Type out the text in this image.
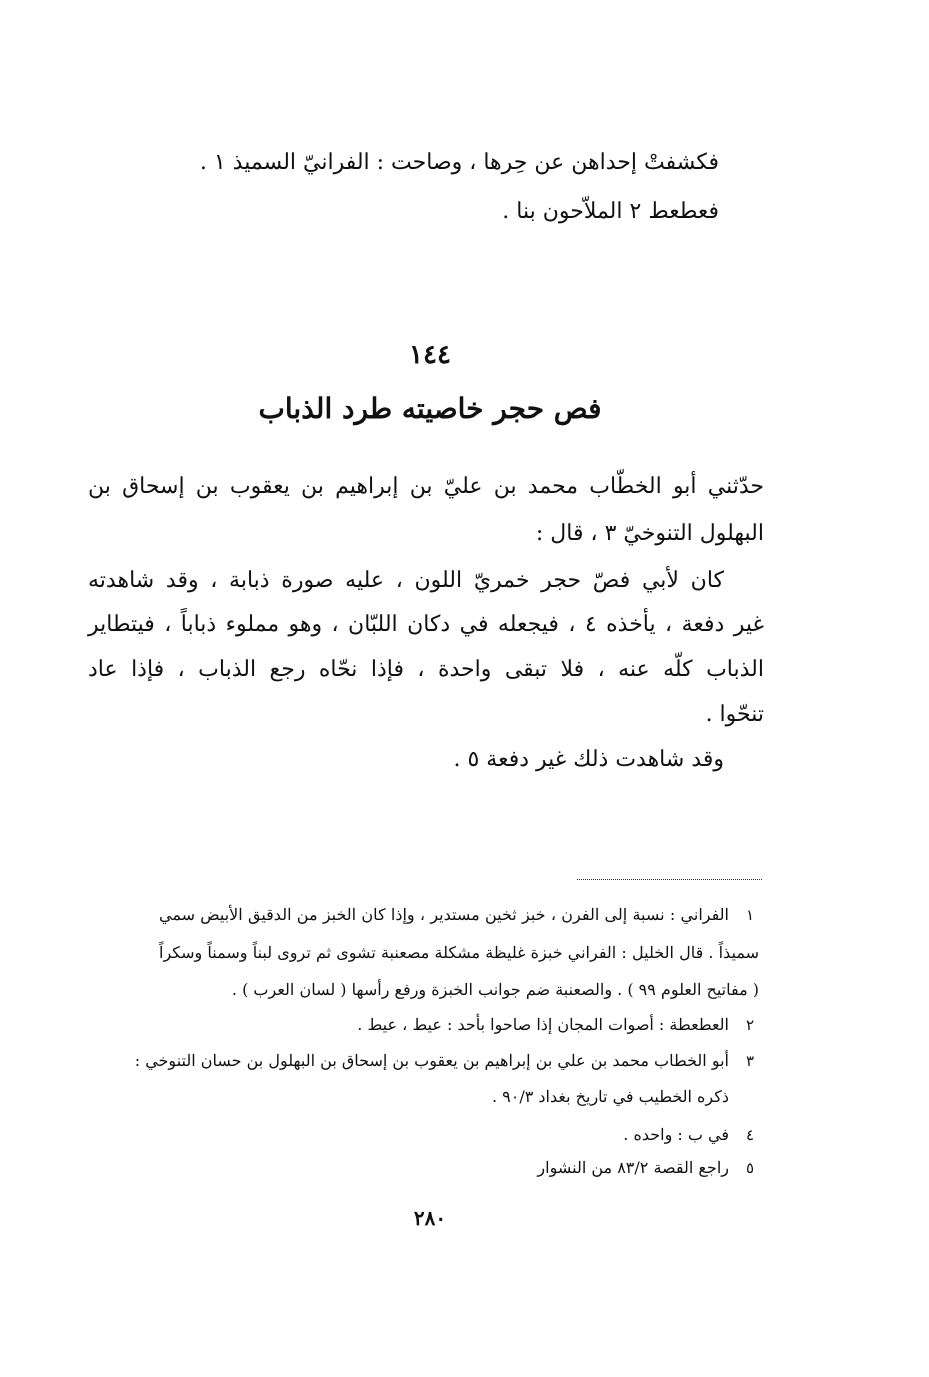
فكشفتْ إحداهن عن حِرها ، وصاحت : الفرانيّ السميذ ١ .
فعطعط ٢ الملاّحون بنا .
١٤٤
فص حجر خاصيته طرد الذباب
حدّثني أبو الخطّاب محمد بن عليّ بن إبراهيم بن يعقوب بن إسحاق بن
البهلول التنوخيّ ٣ ، قال :
كان لأبي فصّ حجر خمريّ اللون ، عليه صورة ذبابة ، وقد شاهدته
غير دفعة ، يأخذه ٤ ، فيجعله في دكان اللبّان ، وهو مملوء ذباباً ، فيتطاير
الذباب كلّه عنه ، فلا تبقى واحدة ، فإذا نحّاه رجع الذباب ، فإذا عاد
تنحّوا .
وقد شاهدت ذلك غير دفعة ٥ .
١
الفراني : نسبة إلى الفرن ، خبز ثخين مستدير ، وإذا كان الخبز من الدقيق الأبيض سمي
سميذاً . قال الخليل : الفراني خبزة غليظة مشكلة مصعنبة تشوى ثم تروى لبناً وسمناً وسكراً
( مفاتيح العلوم ٩٩ ) . والصعنبة ضم جوانب الخبزة ورفع رأسها ( لسان العرب ) .
٢
العطعطة : أصوات المجان إذا صاحوا بأحد : عيط ، عيط .
٣
أبو الخطاب محمد بن علي بن إبراهيم بن يعقوب بن إسحاق بن البهلول بن حسان التنوخي :
ذكره الخطيب في تاريخ بغداد ٩٠/٣ .
٤
في ب : واحده .
٥
راجع القصة ٨٣/٢ من النشوار
٢٨٠
